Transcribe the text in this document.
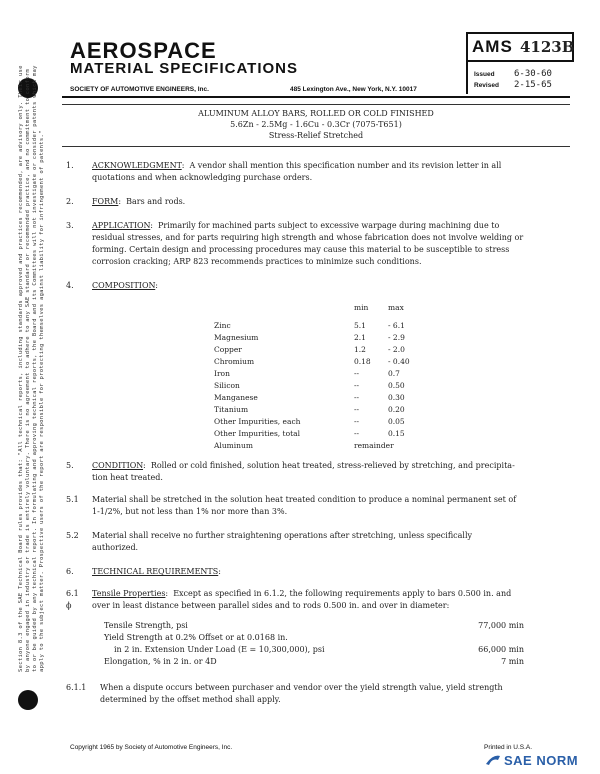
AEROSPACE
MATERIAL SPECIFICATIONS
SOCIETY OF AUTOMOTIVE ENGINEERS, Inc.	485 Lexington Ave., New York, N.Y. 10017
AMS 4123B
Issued 6-30-60
Revised 2-15-65
ALUMINUM ALLOY BARS, ROLLED OR COLD FINISHED
5.6Zn - 2.5Mg - 1.6Cu - 0.3Cr (7075-T651)
Stress-Relief Stretched
Section 8.3 of the SAE Technical Board rules provides that: "All technical reports, including standards approved and practices recommended, are advisory only. Their use by anyone engaged in industry or trade is entirely voluntary. There is no agreement to adhere to any SAE standard or recommended practice, and no commitment to conform to or be guided by any technical report. In formulating and approving technical reports, the Board and its Committees will not investigate or consider patents which may apply to the subject matter. Prospective users of the report are responsible for protecting themselves against liability for infringement of patents."	1. ACKNOWLEDGMENT:  A vendor shall mention this specification number and its revision letter in all
quotations and when acknowledging purchase orders.
2. FORM:  Bars and rods.
3. APPLICATION:  Primarily for machined parts subject to excessive warpage during machining due to
residual stresses, and for parts requiring high strength and whose fabrication does not involve welding or
forming. Certain design and processing procedures may cause this material to be susceptible to stress
corrosion cracking; ARP 823 recommends practices to minimize such conditions.
4. COMPOSITION:
min	max
Zinc	5.1	- 6.1
Magnesium	2.1	- 2.9
Copper	1.2	- 2.0
Chromium	0.18	- 0.40
Iron	--	0.7
Silicon	--	0.50
Manganese	--	0.30
Titanium	--	0.20
Other Impurities, each	--	0.05
Other Impurities, total	--	0.15
Aluminum	remainder
5. CONDITION:  Rolled or cold finished, solution heat treated, stress-relieved by stretching, and precipita-
tion heat treated.
5.1 Material shall be stretched in the solution heat treated condition to produce a nominal permanent set of
1-1/2%, but not less than 1% nor more than 3%.
5.2 Material shall receive no further straightening operations after stretching, unless specifically
authorized.
6. TECHNICAL REQUIREMENTS:
6.1 Tensile Properties:  Except as specified in 6.1.2, the following requirements apply to bars 0.500 in. and
ϕ	over in least distance between parallel sides and to rods 0.500 in. and over in diameter:
Tensile Strength, psi	77,000 min
Yield Strength at 0.2% Offset or at 0.0168 in.
in 2 in. Extension Under Load (E = 10,300,000), psi	66,000 min
Elongation, % in 2 in. or 4D	7 min
6.1.1 When a dispute occurs between purchaser and vendor over the yield strength value, yield strength
determined by the offset method shall apply.
Copyright 1965 by Society of Automotive Engineers, Inc.	Printed in U.S.A.
SAE NORM
